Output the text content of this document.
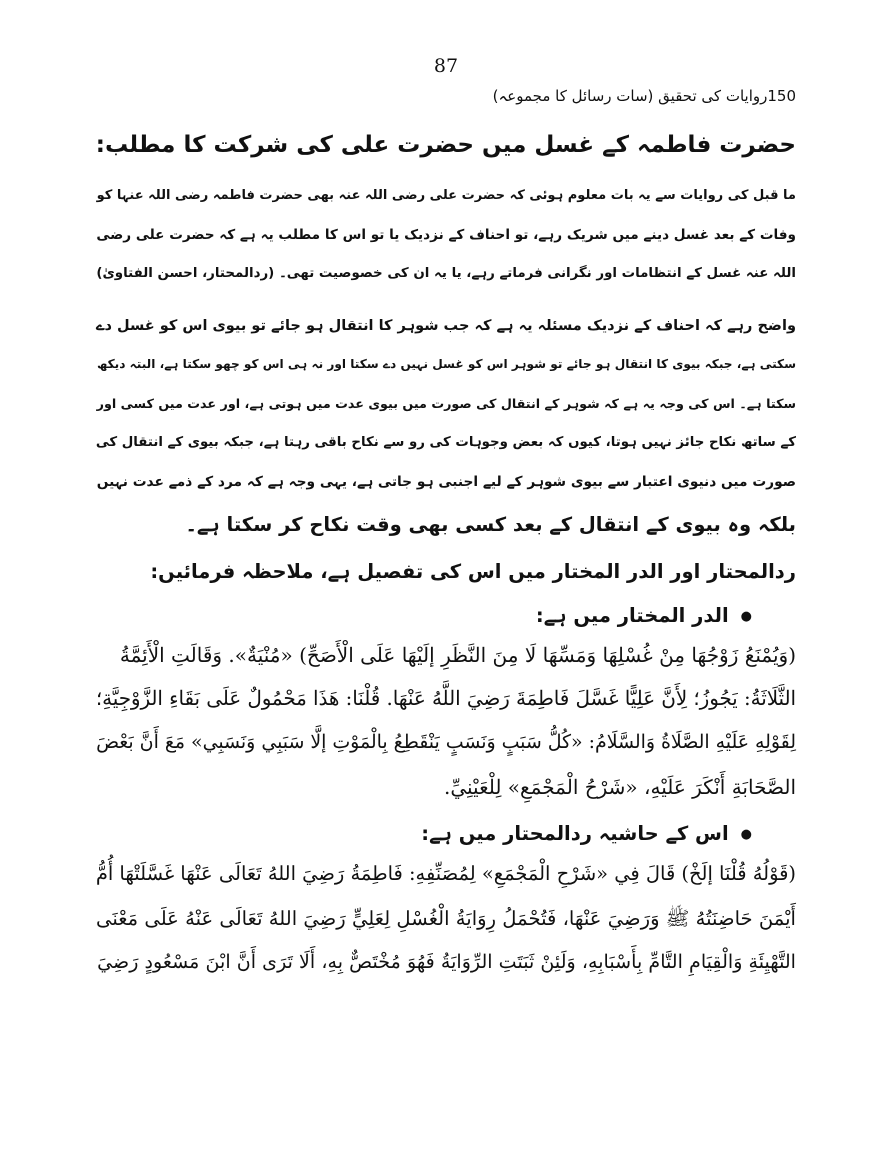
87
150روایات کی تحقیق (سات رسائل کا مجموعہ)
حضرت فاطمہ کے غسل میں حضرت علی کی شرکت کا مطلب:
ما قبل کی روایات سے یہ بات معلوم ہوئی کہ حضرت علی رضی اللہ عنہ بھی حضرت فاطمہ رضی اللہ عنہا کو
وفات کے بعد غسل دینے میں شریک رہے، تو احناف کے نزدیک یا تو اس کا مطلب یہ ہے کہ حضرت علی رضی
اللہ عنہ غسل کے انتظامات اور نگرانی فرماتے رہے، یا یہ ان کی خصوصیت تھی۔ (ردالمحتار، احسن الفتاویٰ)
واضح رہے کہ احناف کے نزدیک مسئلہ یہ ہے کہ جب شوہر کا انتقال ہو جائے تو بیوی اس کو غسل دے
سکتی ہے، جبکہ بیوی کا انتقال ہو جائے تو شوہر اس کو غسل نہیں دے سکتا اور نہ ہی اس کو چھو سکتا ہے، البتہ دیکھ
سکتا ہے۔ اس کی وجہ یہ ہے کہ شوہر کے انتقال کی صورت میں بیوی عدت میں ہوتی ہے، اور عدت میں کسی اور
کے ساتھ نکاح جائز نہیں ہوتا، کیوں کہ بعض وجوہات کی رو سے نکاح باقی رہتا ہے، جبکہ بیوی کے انتقال کی
صورت میں دنیوی اعتبار سے بیوی شوہر کے لیے اجنبی ہو جاتی ہے، یہی وجہ ہے کہ مرد کے ذمے عدت نہیں
بلکہ وہ بیوی کے انتقال کے بعد کسی بھی وقت نکاح کر سکتا ہے۔
ردالمحتار اور الدر المختار میں اس کی تفصیل ہے، ملاحظہ فرمائیں:
●الدر المختار میں ہے:
(وَيُمْنَعُ زَوْجُهَا مِنْ غُسْلِهَا وَمَسِّهَا لَا مِنَ النَّظَرِ إلَيْهَا عَلَى الْأَصَحِّ) «مُنْيَةٌ». وَقَالَتِ الْأَئِمَّةُ
الثَّلَاثَةُ: يَجُوزُ؛ لِأَنَّ عَلِيًّا غَسَّلَ فَاطِمَةَ رَضِيَ اللَّهُ عَنْهَا. قُلْنَا: هَذَا مَحْمُولٌ عَلَى بَقَاءِ الزَّوْجِيَّةِ؛
لِقَوْلِهِ عَلَيْهِ الصَّلَاةُ وَالسَّلَامُ: «كُلُّ سَبَبٍ وَنَسَبٍ يَنْقَطِعُ بِالْمَوْتِ إلَّا سَبَبِي وَنَسَبِي» مَعَ أَنَّ بَعْضَ
الصَّحَابَةِ أَنْكَرَ عَلَيْهِ، «شَرْحُ الْمَجْمَعِ» لِلْعَيْنِيِّ.
●اس کے حاشیہ ردالمحتار میں ہے:
(قَوْلُهُ قُلْنَا إلَخْ) قَالَ فِي «شَرْحِ الْمَجْمَعِ» لِمُصَنِّفِهِ: فَاطِمَةُ رَضِيَ اللهُ تَعَالَى عَنْهَا غَسَّلَتْهَا أُمُّ
أَيْمَنَ حَاضِنَتُهُ ﷺ وَرَضِيَ عَنْهَا، فَتُحْمَلُ رِوَايَةُ الْغُسْلِ لِعَلِيٍّ رَضِيَ اللهُ تَعَالَى عَنْهُ عَلَى مَعْنَى
التَّهْيِئَةِ وَالْقِيَامِ التَّامِّ بِأَسْبَابِهِ، وَلَئِنْ ثَبَتَتِ الرِّوَايَةُ فَهُوَ مُخْتَصٌّ بِهِ، أَلَا تَرَى أَنَّ ابْنَ مَسْعُودٍ رَضِيَ
